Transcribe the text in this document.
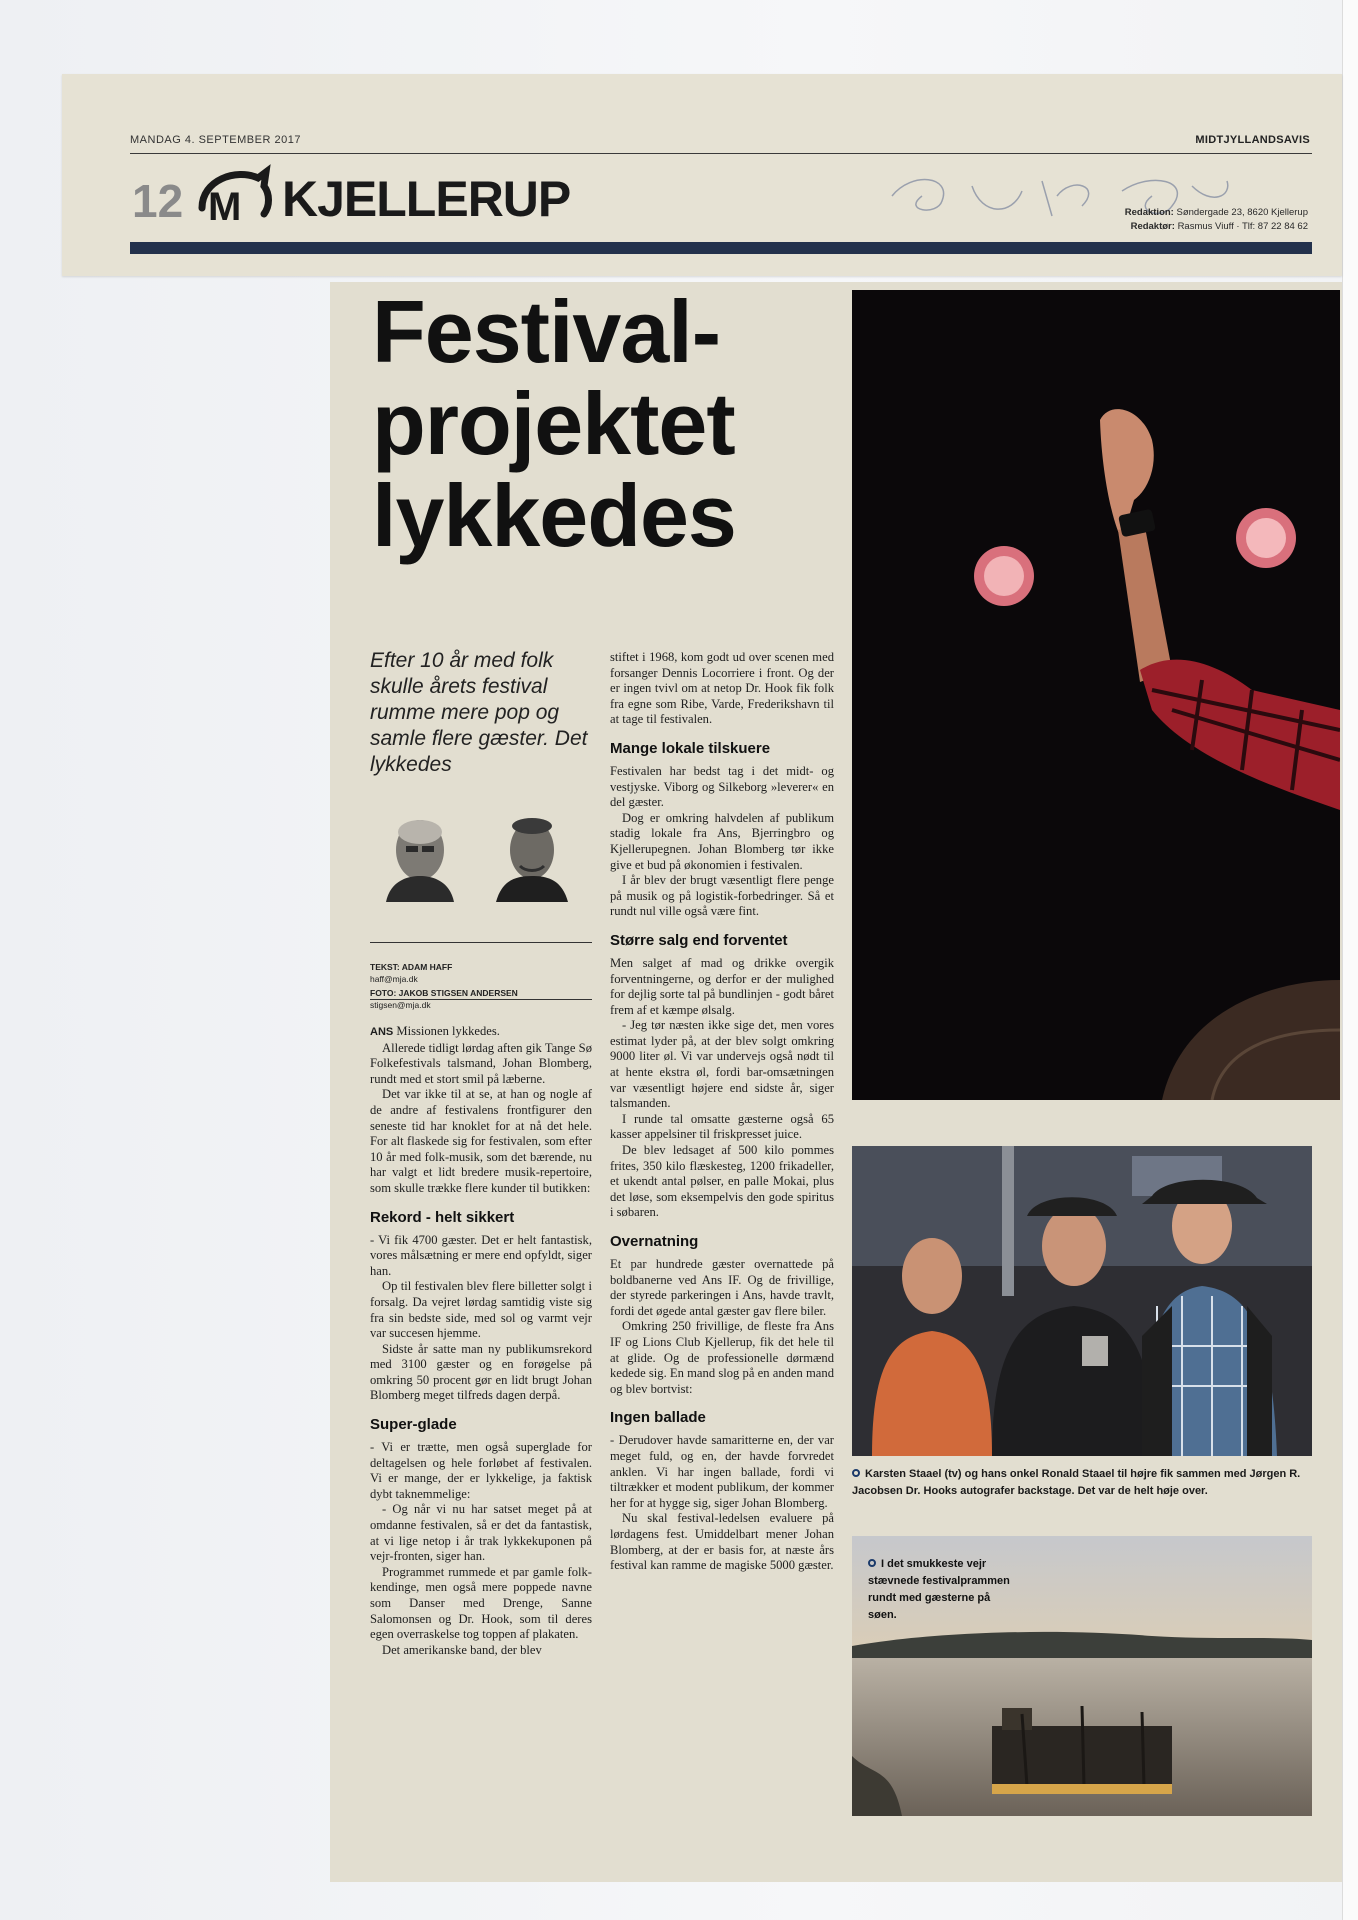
MANDAG 4. SEPTEMBER 2017	MIDTJYLLANDSAVIS
12 M KJELLERUP	Redaktion: Søndergade 23, 8620 Kjellerup
Redaktør: Rasmus Viuff · Tlf: 87 22 84 62
Festival-
projektet
lykkedes
Efter 10 år med folk skulle årets festival rumme mere pop og samle flere gæster. Det lykkedes
TEKST: ADAM HAFF
haff@mja.dk
FOTO: JAKOB STIGSEN ANDERSEN
stigsen@mja.dk

ANS Missionen lykkedes.

Allerede tidligt lørdag aften gik Tange Sø Folkefestivals talsmand, Johan Blomberg, rundt med et stort smil på læberne.

Det var ikke til at se, at han og nogle af de andre af festivalens frontfigurer den seneste tid har knoklet for at nå det hele. For alt flaskede sig for festivalen, som efter 10 år med folk-musik, som det bærende, nu har valgt et lidt bredere musik-repertoire, som skulle trække flere kunder til butikken:

Rekord - helt sikkert

- Vi fik 4700 gæster. Det er helt fantastisk, vores målsætning er mere end opfyldt, siger han.

Op til festivalen blev flere billetter solgt i forsalg. Da vejret lørdag samtidig viste sig fra sin bedste side, med sol og varmt vejr var succesen hjemme.

Sidste år satte man ny publikumsrekord med 3100 gæster og en forøgelse på omkring 50 procent gør en lidt brugt Johan Blomberg meget tilfreds dagen derpå.

Super-glade

- Vi er trætte, men også superglade for deltagelsen og hele forløbet af festivalen. Vi er mange, der er lykkelige, ja faktisk dybt taknemmelige:

- Og når vi nu har satset meget på at omdanne festivalen, så er det da fantastisk, at vi lige netop i år trak lykkekuponen på vejr-fronten, siger han.

Programmet rummede et par gamle folk-kendinge, men også mere poppede navne som Danser med Drenge, Sanne Salomonsen og Dr. Hook, som til deres egen overraskelse tog toppen af plakaten.

Det amerikanske band, der blev

stiftet i 1968, kom godt ud over scenen med forsanger Dennis Locorriere i front. Og der er ingen tvivl om at netop Dr. Hook fik folk fra egne som Ribe, Varde, Frederikshavn til at tage til festivalen.

Mange lokale tilskuere

Festivalen har bedst tag i det midt- og vestjyske. Viborg og Silkeborg »leverer« en del gæster.

Dog er omkring halvdelen af publikum stadig lokale fra Ans, Bjerringbro og Kjellerupegnen. Johan Blomberg tør ikke give et bud på økonomien i festivalen.

I år blev der brugt væsentligt flere penge på musik og på logistik-forbedringer. Så et rundt nul ville også være fint.

Større salg end forventet

Men salget af mad og drikke overgik forventningerne, og derfor er der mulighed for dejlig sorte tal på bundlinjen - godt båret frem af et kæmpe ølsalg.

- Jeg tør næsten ikke sige det, men vores estimat lyder på, at der blev solgt omkring 9000 liter øl. Vi var undervejs også nødt til at hente ekstra øl, fordi bar-omsætningen var væsentligt højere end sidste år, siger talsmanden.

I runde tal omsatte gæsterne også 65 kasser appelsiner til friskpresset juice.

De blev ledsaget af 500 kilo pommes frites, 350 kilo flæskesteg, 1200 frikadeller, et ukendt antal pølser, en palle Mokai, plus det løse, som eksempelvis den gode spiritus i søbaren.

Overnatning

Et par hundrede gæster overnattede på boldbanerne ved Ans IF. Og de frivillige, der styrede parkeringen i Ans, havde travlt, fordi det øgede antal gæster gav flere biler.

Omkring 250 frivillige, de fleste fra Ans IF og Lions Club Kjellerup, fik det hele til at glide. Og de professionelle dørmænd kedede sig. En mand slog på en anden mand og blev bortvist:

Ingen ballade

- Derudover havde samaritterne en, der var meget fuld, og en, der havde forvredet anklen. Vi har ingen ballade, fordi vi tiltrækker et modent publikum, der kommer her for at hygge sig, siger Johan Blomberg.

Nu skal festival-ledelsen evaluere på lørdagens fest. Umiddelbart mener Johan Blomberg, at der er basis for, at næste års festival kan ramme de magiske 5000 gæster.

Karsten Staael (tv) og hans onkel Ronald Staael til højre fik sammen med Jørgen R. Jacobsen Dr. Hooks autografer backstage. Det var de helt høje over.
I det smukkeste vejr stævnede festivalprammen rundt med gæsterne på søen.
